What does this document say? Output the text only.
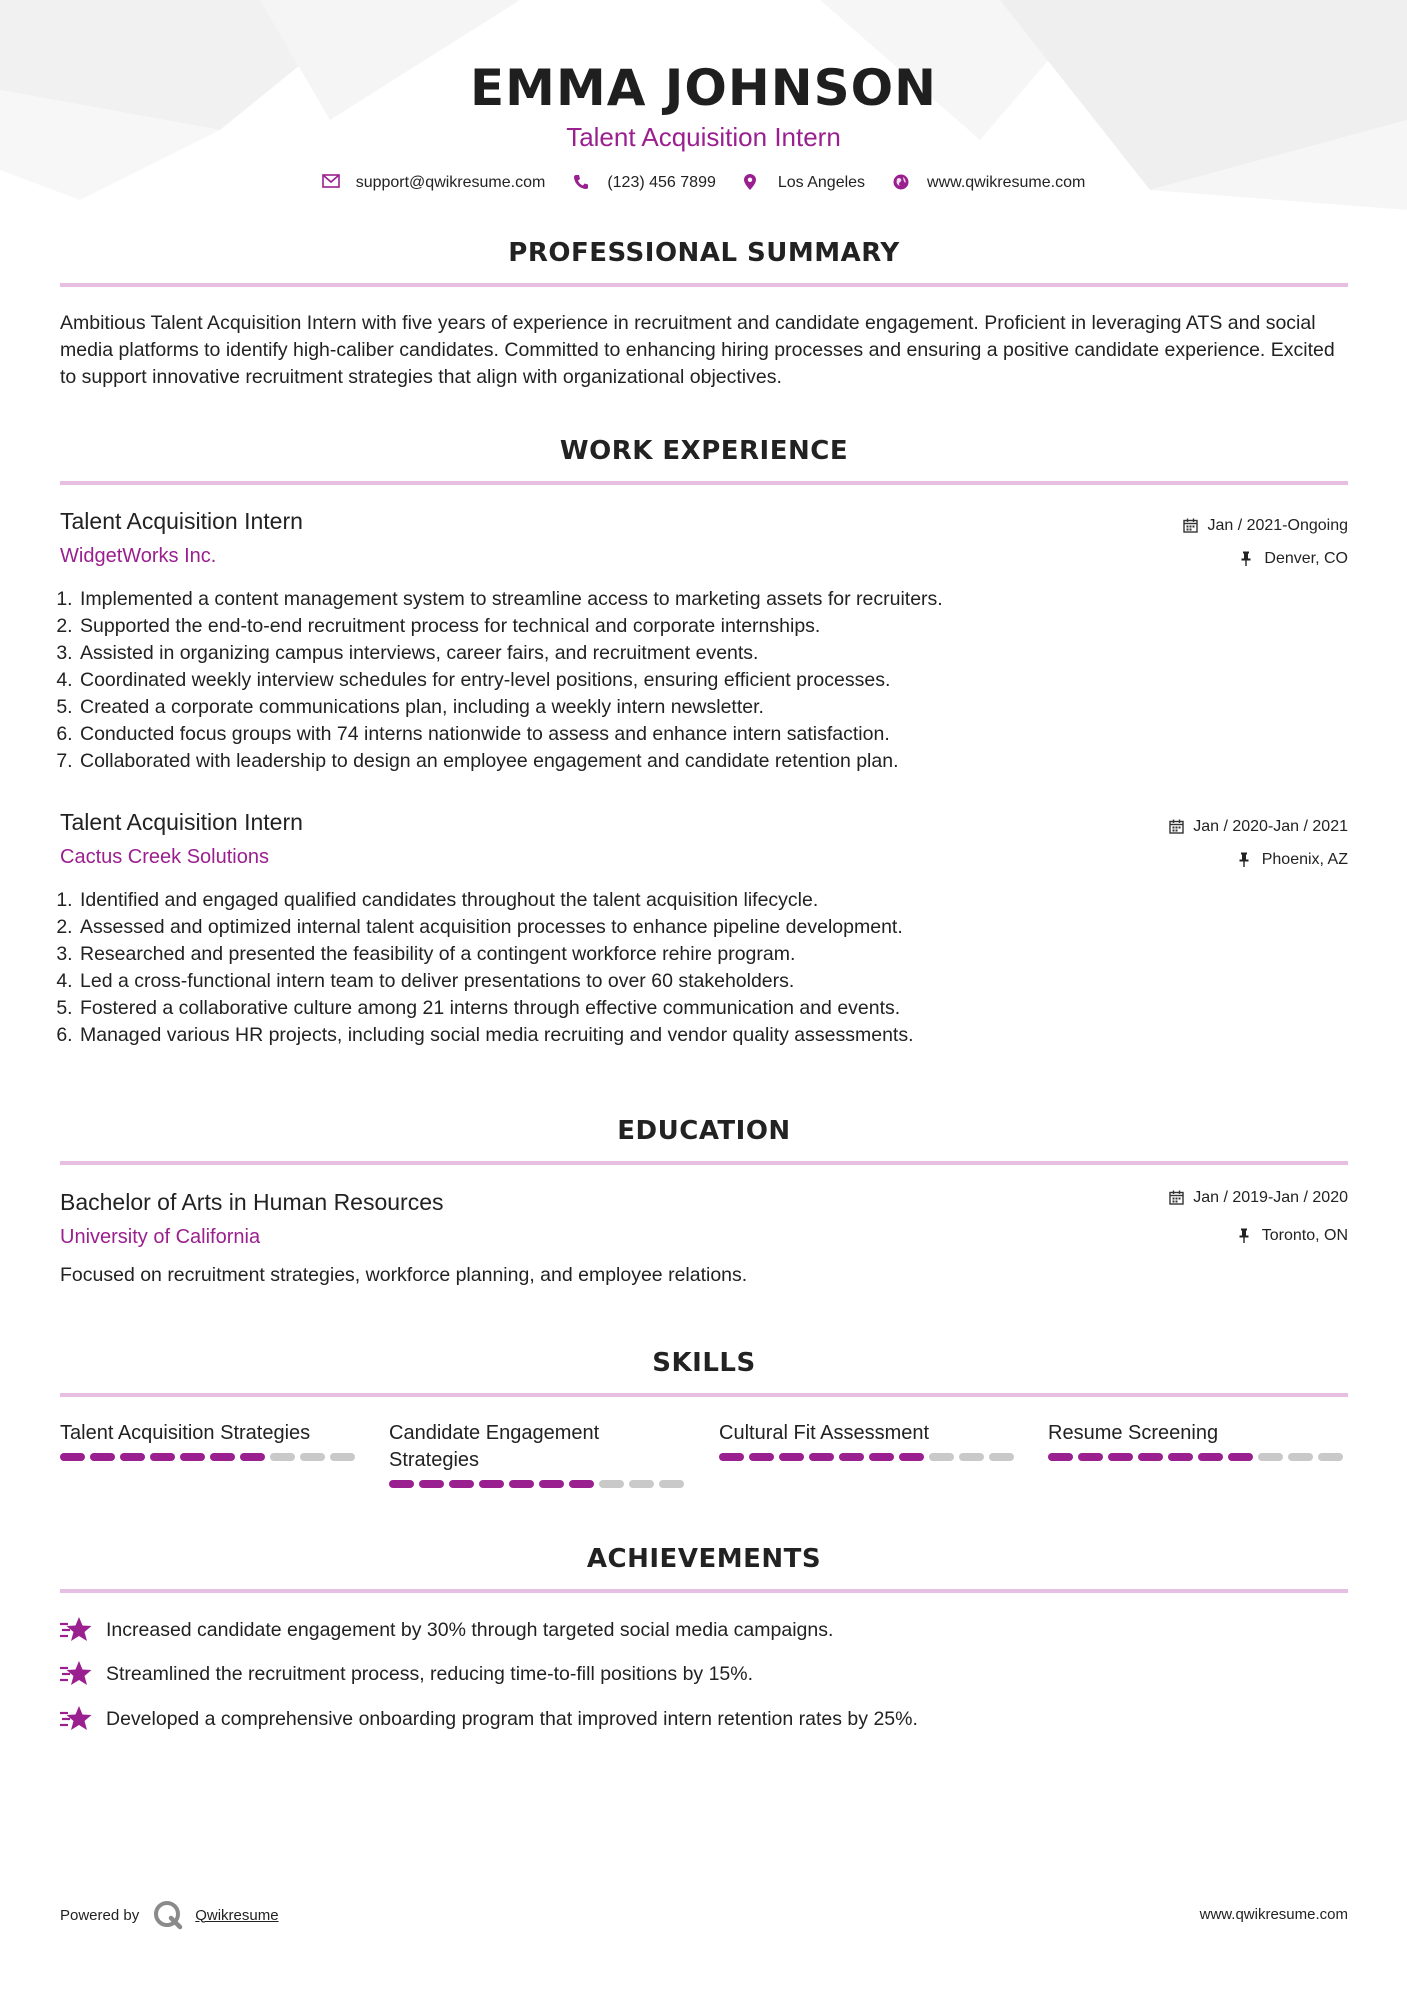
EMMA JOHNSON
Talent Acquisition Intern
support@qwikresume.com	(123) 456 7899	Los Angeles	www.qwikresume.com
PROFESSIONAL SUMMARY
Ambitious Talent Acquisition Intern with five years of experience in recruitment and candidate engagement. Proficient in leveraging ATS and social media platforms to identify high-caliber candidates. Committed to enhancing hiring processes and ensuring a positive candidate experience. Excited to support innovative recruitment strategies that align with organizational objectives.
WORK EXPERIENCE
Talent Acquisition Intern
WidgetWorks Inc.
Jan / 2021-Ongoing
Denver, CO
1. Implemented a content management system to streamline access to marketing assets for recruiters.
2. Supported the end-to-end recruitment process for technical and corporate internships.
3. Assisted in organizing campus interviews, career fairs, and recruitment events.
4. Coordinated weekly interview schedules for entry-level positions, ensuring efficient processes.
5. Created a corporate communications plan, including a weekly intern newsletter.
6. Conducted focus groups with 74 interns nationwide to assess and enhance intern satisfaction.
7. Collaborated with leadership to design an employee engagement and candidate retention plan.
Talent Acquisition Intern
Cactus Creek Solutions
Jan / 2020-Jan / 2021
Phoenix, AZ
1. Identified and engaged qualified candidates throughout the talent acquisition lifecycle.
2. Assessed and optimized internal talent acquisition processes to enhance pipeline development.
3. Researched and presented the feasibility of a contingent workforce rehire program.
4. Led a cross-functional intern team to deliver presentations to over 60 stakeholders.
5. Fostered a collaborative culture among 21 interns through effective communication and events.
6. Managed various HR projects, including social media recruiting and vendor quality assessments.
EDUCATION
Bachelor of Arts in Human Resources
University of California
Jan / 2019-Jan / 2020
Toronto, ON
Focused on recruitment strategies, workforce planning, and employee relations.
SKILLS
Talent Acquisition Strategies	Candidate Engagement Strategies
Cultural Fit Assessment	Resume Screening
ACHIEVEMENTS
Increased candidate engagement by 30% through targeted social media campaigns.
Streamlined the recruitment process, reducing time-to-fill positions by 15%.
Developed a comprehensive onboarding program that improved intern retention rates by 25%.
Powered by	Qwikresume	www.qwikresume.com
